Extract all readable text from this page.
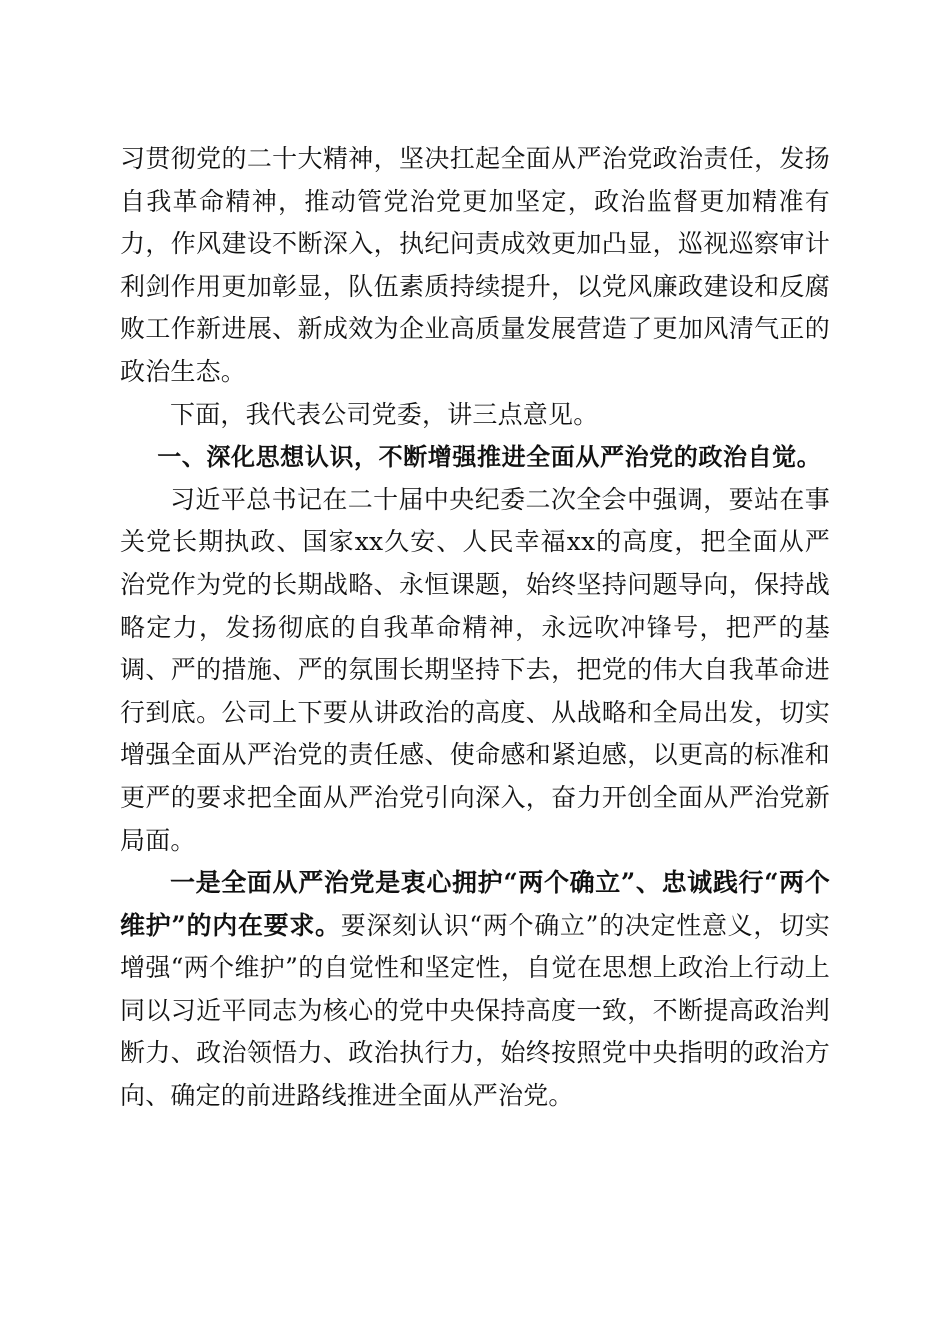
习贯彻党的二十大精神，坚决扛起全面从严治党政治责任，发扬自我革命精神，推动管党治党更加坚定，政治监督更加精准有力，作风建设不断深入，执纪问责成效更加凸显，巡视巡察审计利剑作用更加彰显，队伍素质持续提升，以党风廉政建设和反腐败工作新进展、新成效为企业高质量发展营造了更加风清气正的政治生态。

下面，我代表公司党委，讲三点意见。

一、深化思想认识，不断增强推进全面从严治党的政治自觉。

习近平总书记在二十届中央纪委二次全会中强调，要站在事关党长期执政、国家xx久安、人民幸福xx的高度，把全面从严治党作为党的长期战略、永恒课题，始终坚持问题导向，保持战略定力，发扬彻底的自我革命精神，永远吹冲锋号，把严的基调、严的措施、严的氛围长期坚持下去，把党的伟大自我革命进行到底。公司上下要从讲政治的高度、从战略和全局出发，切实增强全面从严治党的责任感、使命感和紧迫感，以更高的标准和更严的要求把全面从严治党引向深入，奋力开创全面从严治党新局面。

一是全面从严治党是衷心拥护“两个确立”、忠诚践行“两个维护”的内在要求。要深刻认识“两个确立”的决定性意义，切实增强“两个维护”的自觉性和坚定性，自觉在思想上政治上行动上同以习近平同志为核心的党中央保持高度一致，不断提高政治判断力、政治领悟力、政治执行力，始终按照党中央指明的政治方向、确定的前进路线推进全面从严治党。
